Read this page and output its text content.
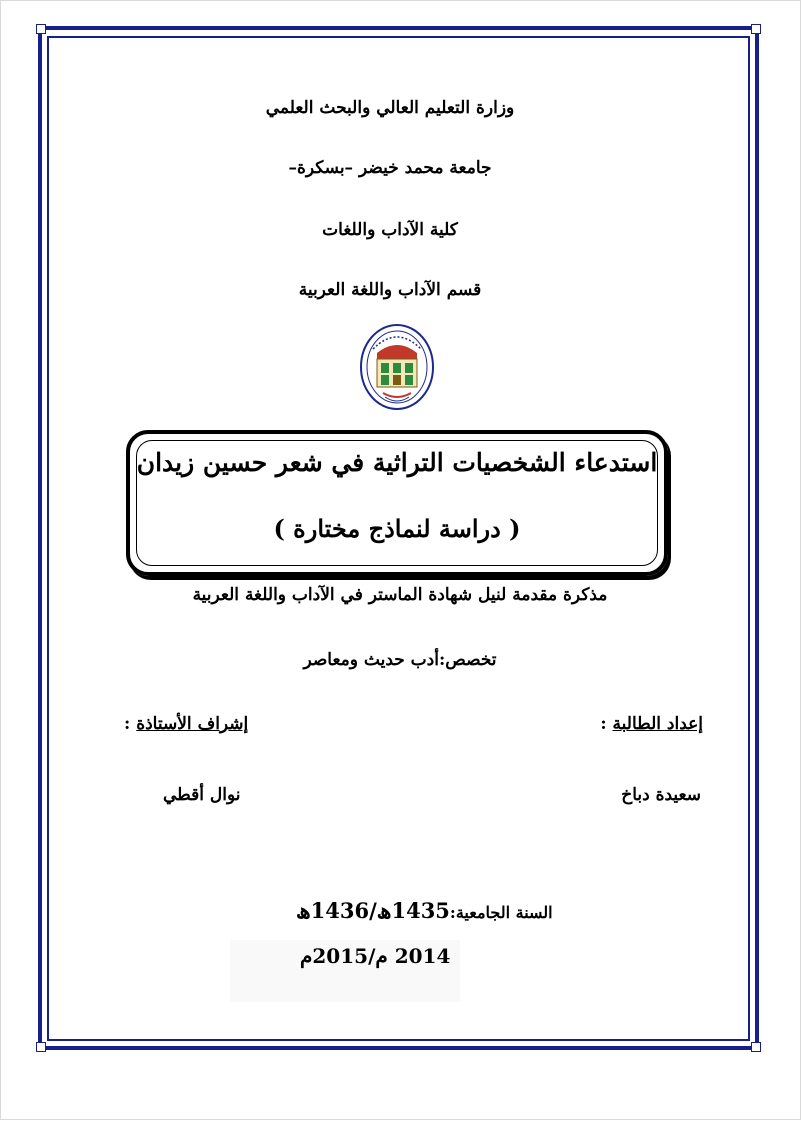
وزارة التعليم العالي والبحث العلمي
جامعة محمد خيضر –بسكرة–
كلية الآداب واللغات
قسم الآداب واللغة العربية
استدعاء الشخصيات التراثية في شعر حسين زيدان
( دراسة لنماذج مختارة )
مذكرة مقدمة لنيل شهادة الماستر في الآداب واللغة العربية
تخصص:أدب حديث ومعاصر
إعداد الطالبة :
إشراف الأستاذة :
سعيدة دباخ
نوال أقطي
السنة الجامعية:1435ھ/1436ھ
2014 م/2015م
